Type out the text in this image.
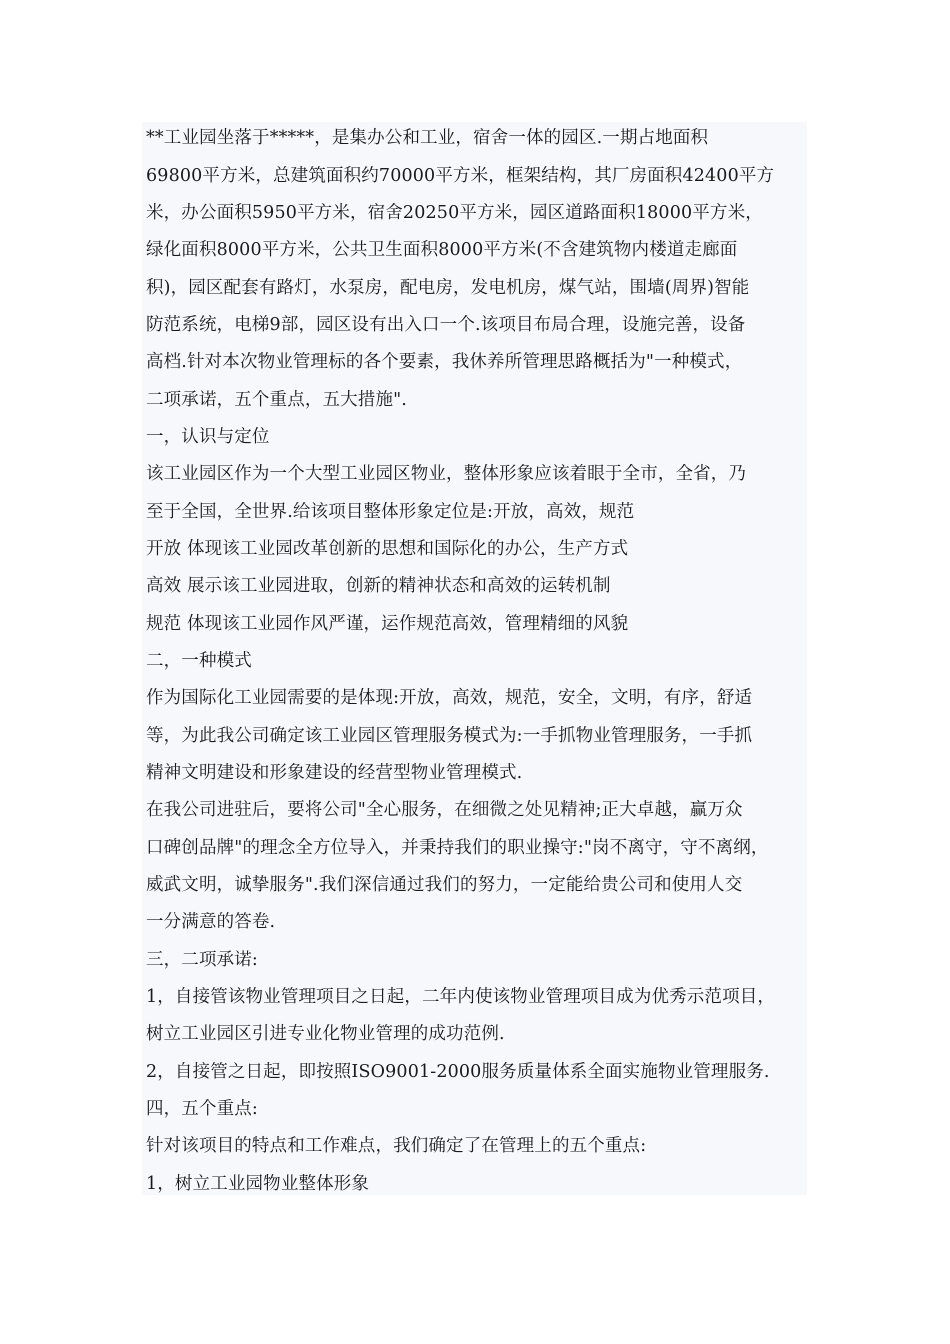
**工业园坐落于*****，是集办公和工业，宿舍一体的园区.一期占地面积
69800平方米，总建筑面积约70000平方米，框架结构，其厂房面积42400平方
米，办公面积5950平方米，宿舍20250平方米，园区道路面积18000平方米，
绿化面积8000平方米，公共卫生面积8000平方米(不含建筑物内楼道走廊面
积)，园区配套有路灯，水泵房，配电房，发电机房，煤气站，围墙(周界)智能
防范系统，电梯9部，园区设有出入口一个.该项目布局合理，设施完善，设备
高档.针对本次物业管理标的各个要素，我休养所管理思路概括为"一种模式，
二项承诺，五个重点，五大措施".
一，认识与定位
该工业园区作为一个大型工业园区物业，整体形象应该着眼于全市，全省，乃
至于全国，全世界.给该项目整体形象定位是:开放，高效，规范
开放 体现该工业园改革创新的思想和国际化的办公，生产方式
高效 展示该工业园进取，创新的精神状态和高效的运转机制
规范 体现该工业园作风严谨，运作规范高效，管理精细的风貌
二，一种模式
作为国际化工业园需要的是体现:开放，高效，规范，安全，文明，有序，舒适
等，为此我公司确定该工业园区管理服务模式为:一手抓物业管理服务，一手抓
精神文明建设和形象建设的经营型物业管理模式.
在我公司进驻后，要将公司"全心服务，在细微之处见精神;正大卓越，赢万众
口碑创品牌"的理念全方位导入，并秉持我们的职业操守:"岗不离守，守不离纲，
威武文明，诚挚服务".我们深信通过我们的努力，一定能给贵公司和使用人交
一分满意的答卷.
三，二项承诺:
1，自接管该物业管理项目之日起，二年内使该物业管理项目成为优秀示范项目，
树立工业园区引进专业化物业管理的成功范例.
2，自接管之日起，即按照ISO9001-2000服务质量体系全面实施物业管理服务.
四，五个重点:
针对该项目的特点和工作难点，我们确定了在管理上的五个重点:
1，树立工业园物业整体形象
